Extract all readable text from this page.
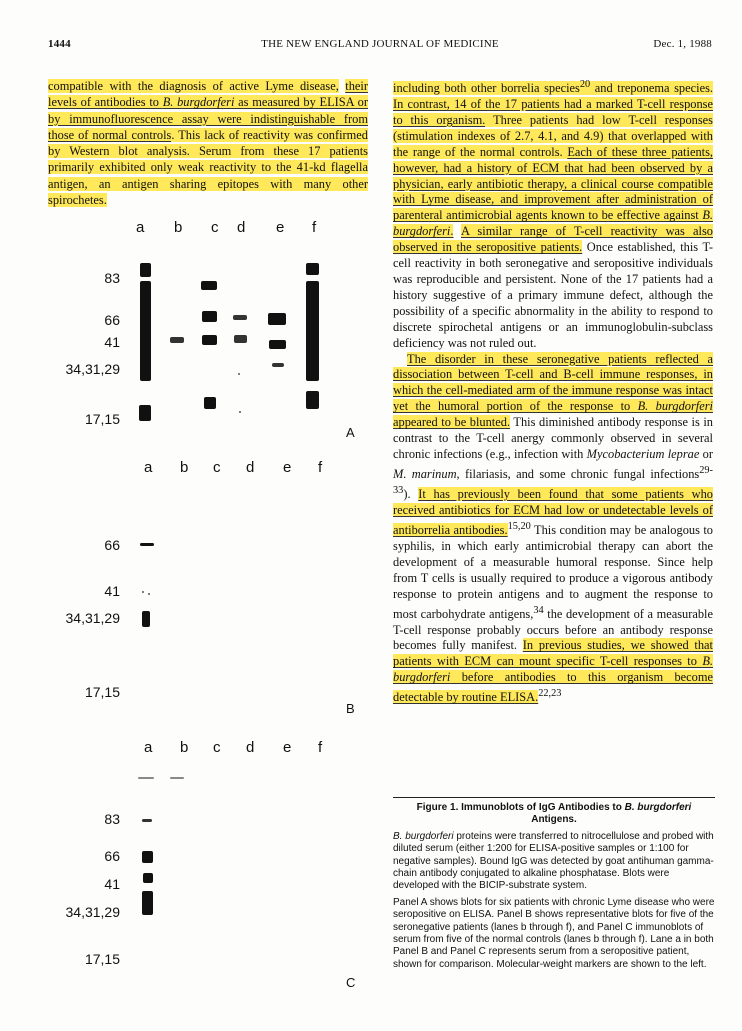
1444	THE NEW ENGLAND JOURNAL OF MEDICINE	Dec. 1, 1988

compatible with the diagnosis of active Lyme disease, their levels of antibodies to B. burgdorferi as measured by ELISA or by immunofluorescence assay were indistinguishable from those of normal controls. This lack of reactivity was confirmed by Western blot analysis. Serum from these 17 patients primarily exhibited only weak reactivity to the 41-kd flagella antigen, an antigen sharing epitopes with many other spirochetes.

a b c d e f
83
66
41
34,31,29
17,15
A
a b c d e f
66
41
34,31,29
17,15
B
a b c d e f
83
66
41
34,31,29
17,15
C

including both other borrelia species$^{20}$ and treponema species. In contrast, 14 of the 17 patients had a marked T-cell response to this organism. Three patients had low T-cell responses (stimulation indexes of 2.7, 4.1, and 4.9) that overlapped with the range of the normal controls. Each of these three patients, however, had a history of ECM that had been observed by a physician, early antibiotic therapy, a clinical course compatible with Lyme disease, and improvement after administration of parenteral antimicrobial agents known to be effective against B. burgdorferi. A similar range of T-cell reactivity was also observed in the seropositive patients. Once established, this T-cell reactivity in both seronegative and seropositive individuals was reproducible and persistent. None of the 17 patients had a history suggestive of a primary immune defect, although the possibility of a specific abnormality in the ability to respond to discrete spirochetal antigens or an immunoglobulin-subclass deficiency was not ruled out.

The disorder in these seronegative patients reflected a dissociation between T-cell and B-cell immune responses, in which the cell-mediated arm of the immune response was intact yet the humoral portion of the response to B. burgdorferi appeared to be blunted. This diminished antibody response is in contrast to the T-cell anergy commonly observed in several chronic infections (e.g., infection with Mycobacterium leprae or M. marinum, filariasis, and some chronic fungal infections$^{29-33}$). It has previously been found that some patients who received antibiotics for ECM had low or undetectable levels of antiborrelia antibodies.$^{15,20}$ This condition may be analogous to syphilis, in which early antimicrobial therapy can abort the development of a measurable humoral response. Since help from T cells is usually required to produce a vigorous antibody response to protein antigens and to augment the response to most carbohydrate antigens,$^{34}$ the development of a measurable T-cell response probably occurs before an antibody response becomes fully manifest. In previous studies, we showed that patients with ECM can mount specific T-cell responses to B. burgdorferi before antibodies to this organism become detectable by routine ELISA.$^{22,23}$

Figure 1. Immunoblots of IgG Antibodies to B. burgdorferi Antigens.

B. burgdorferi proteins were transferred to nitrocellulose and probed with diluted serum (either 1:200 for ELISA-positive samples or 1:100 for negative samples). Bound IgG was detected by goat antihuman gamma-chain antibody conjugated to alkaline phosphatase. Blots were developed with the BICIP-substrate system.

Panel A shows blots for six patients with chronic Lyme disease who were seropositive on ELISA. Panel B shows representative blots for five of the seronegative patients (lanes b through f), and Panel C immunoblots of serum from five of the normal controls (lanes b through f). Lane a in both Panel B and Panel C represents serum from a seropositive patient, shown for comparison. Molecular-weight markers are shown to the left.
